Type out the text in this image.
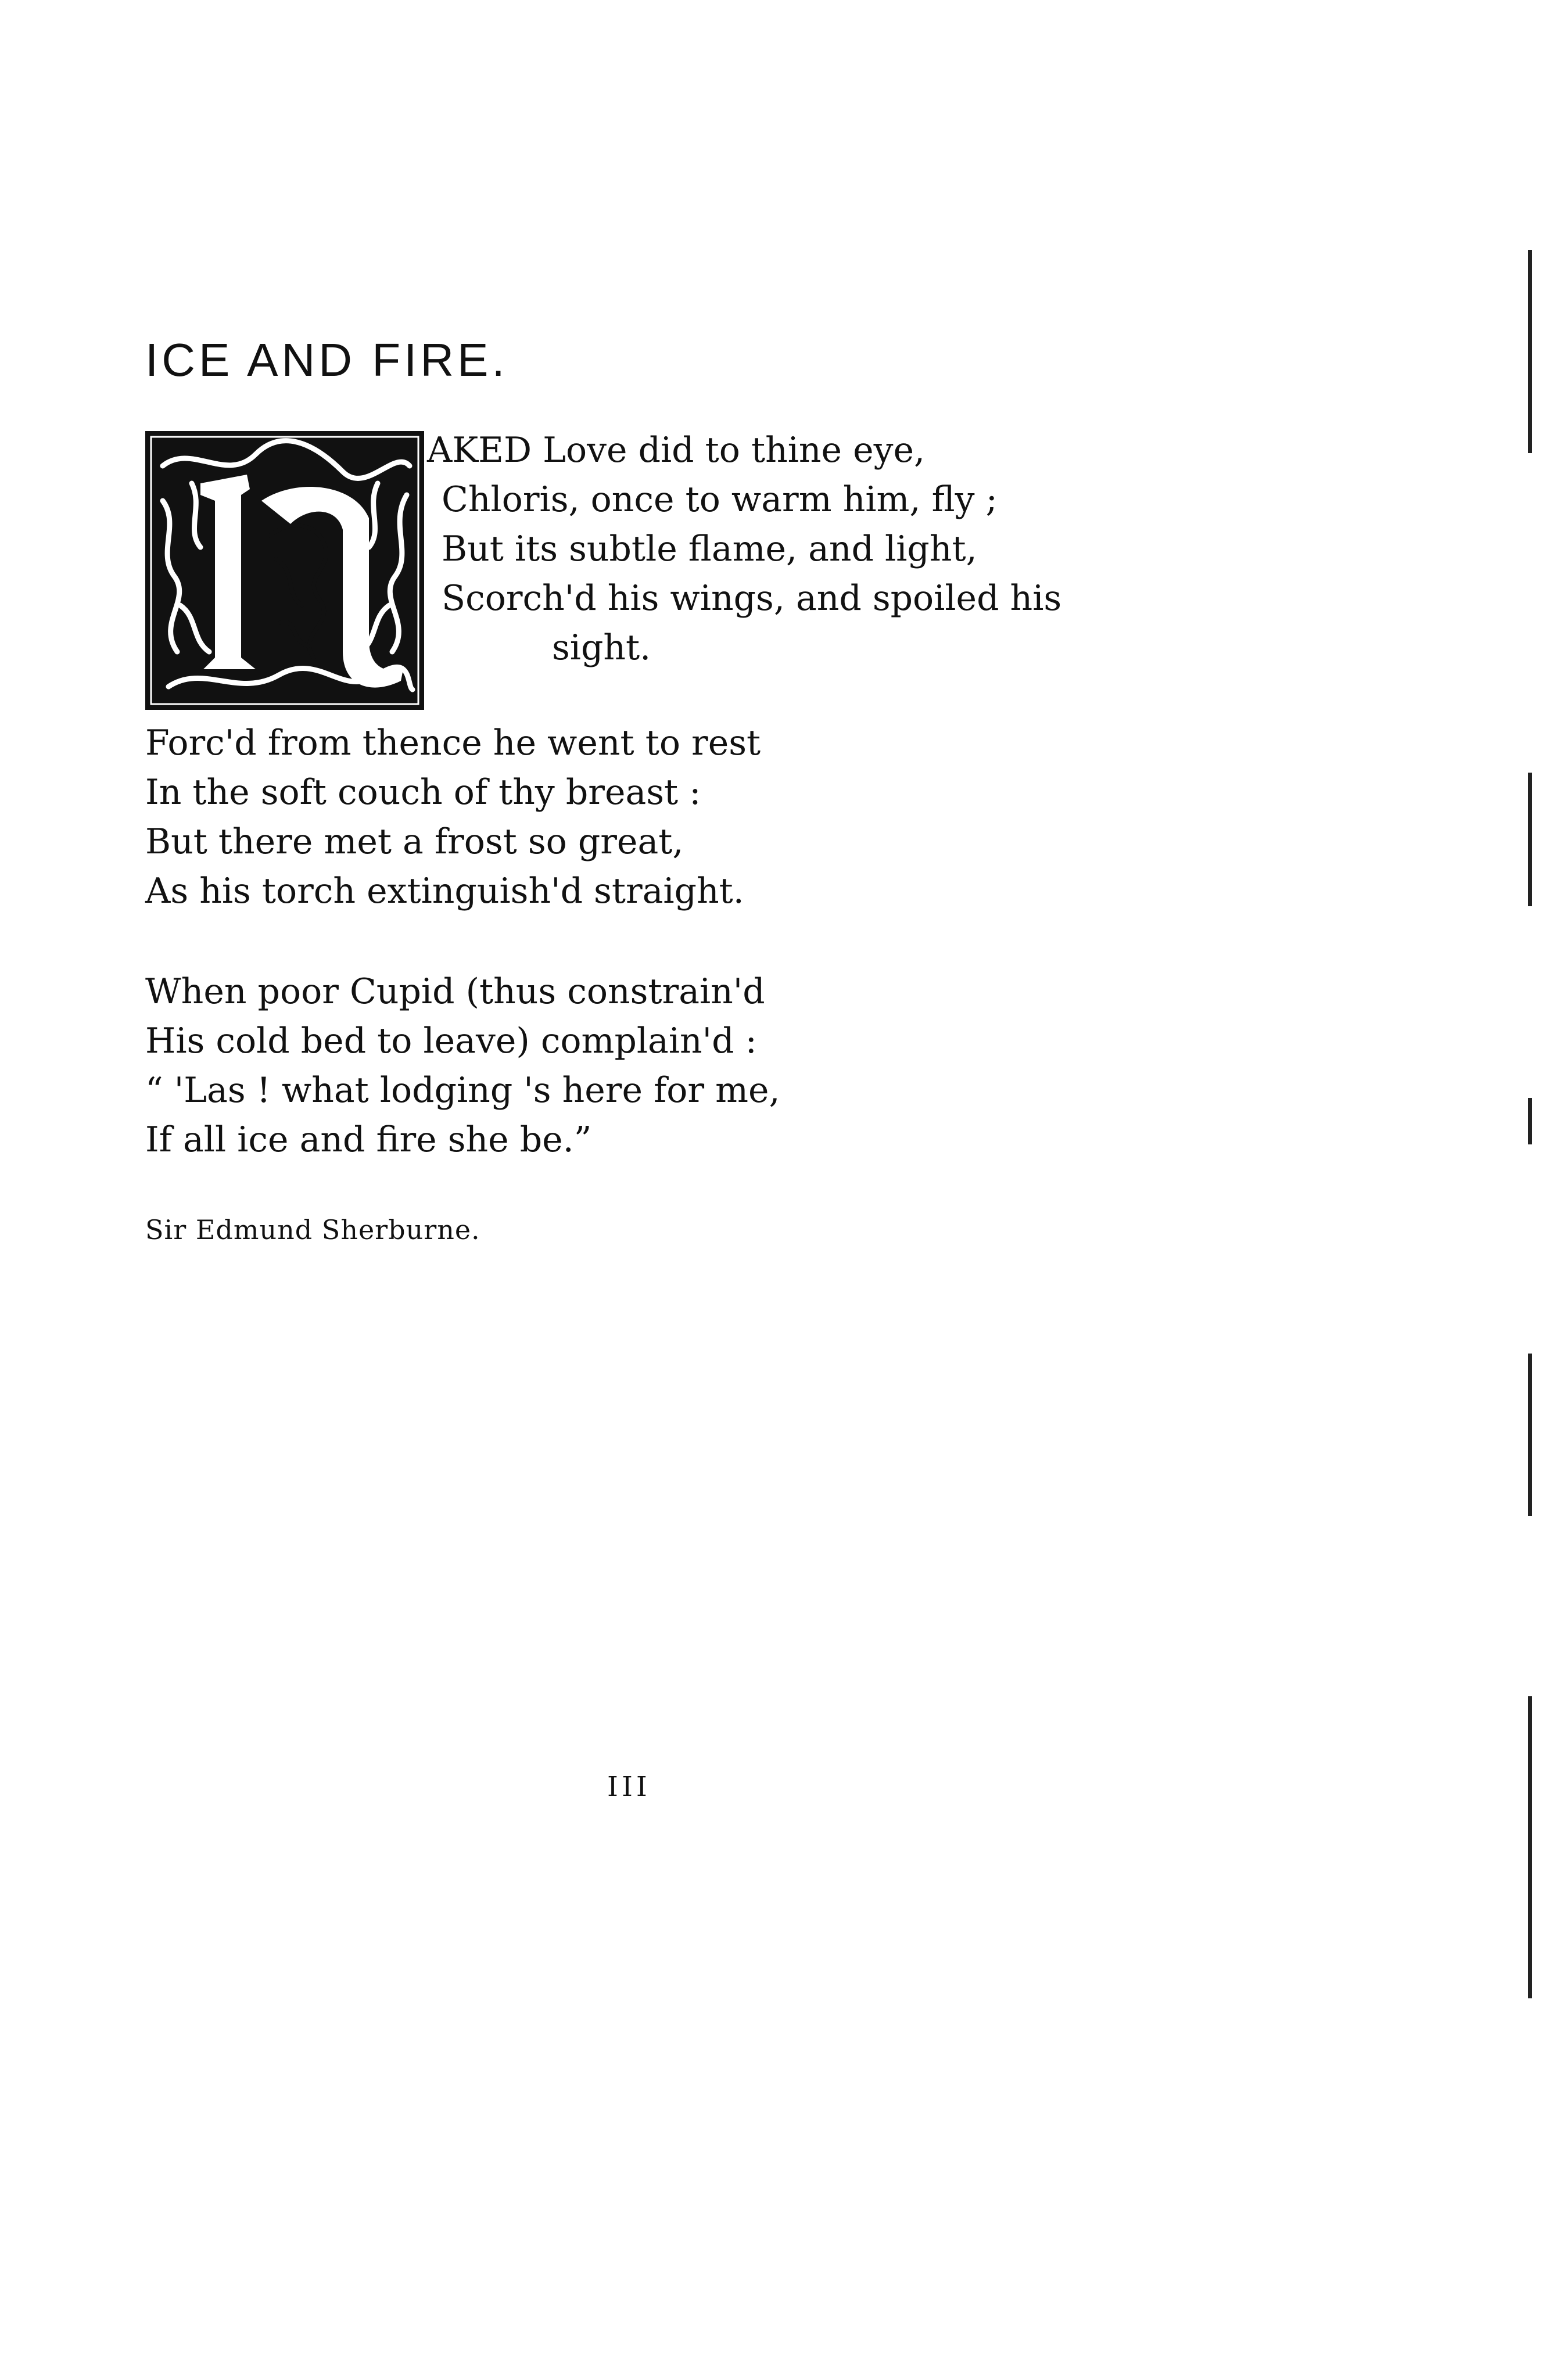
ICE AND FIRE.
AKED Love did to thine eye,
Chloris, once to warm him, fly ;
But its subtle flame, and light,
Scorch'd his wings, and spoiled his
sight.
Forc'd from thence he went to rest
In the soft couch of thy breast :
But there met a frost so great,
As his torch extinguish'd straight.
When poor Cupid (thus constrain'd
His cold bed to leave) complain'd :
“ 'Las ! what lodging 's here for me,
If all ice and fire she be.”
Sir Edmund Sherburne.
III
